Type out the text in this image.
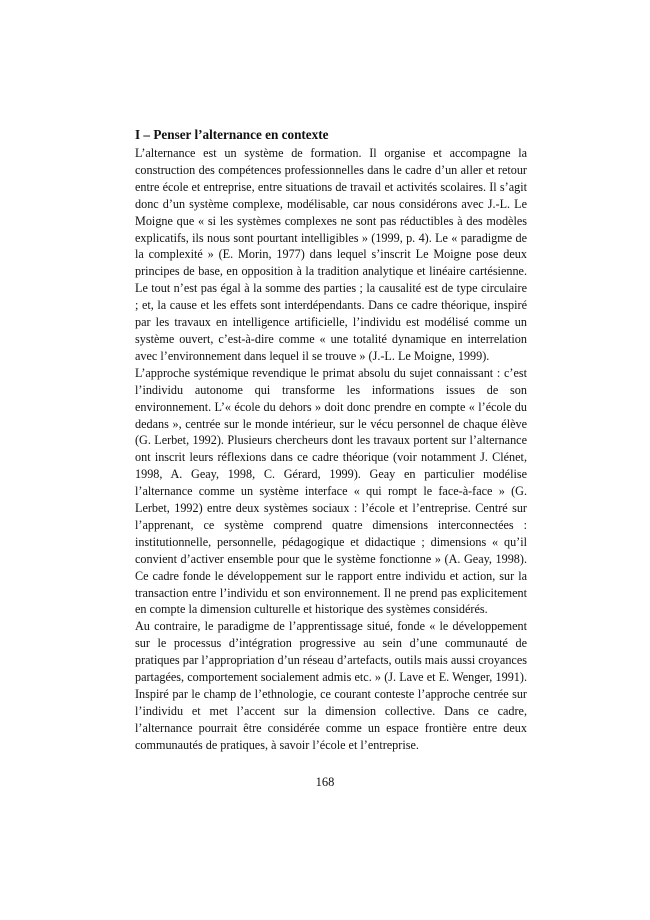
I – Penser l’alternance en contexte

L’alternance est un système de formation. Il organise et accompagne la construction des compétences professionnelles dans le cadre d’un aller et retour entre école et entreprise, entre situations de travail et activités scolaires. Il s’agit donc d’un système complexe, modélisable, car nous considérons avec J.-L. Le Moigne que « si les systèmes complexes ne sont pas réductibles à des modèles explicatifs, ils nous sont pourtant intelligibles » (1999, p. 4). Le « paradigme de la complexité » (E. Morin, 1977) dans lequel s’inscrit Le Moigne pose deux principes de base, en opposition à la tradition analytique et linéaire cartésienne. Le tout n’est pas égal à la somme des parties ; la causalité est de type circulaire ; et, la cause et les effets sont interdépendants. Dans ce cadre théorique, inspiré par les travaux en intelligence artificielle, l’individu est modélisé comme un système ouvert, c’est-à-dire comme « une totalité dynamique en interrelation avec l’environnement dans lequel il se trouve » (J.-L. Le Moigne, 1999).

L’approche systémique revendique le primat absolu du sujet connaissant : c’est l’individu autonome qui transforme les informations issues de son environnement. L’« école du dehors » doit donc prendre en compte « l’école du dedans », centrée sur le monde intérieur, sur le vécu personnel de chaque élève (G. Lerbet, 1992). Plusieurs chercheurs dont les travaux portent sur l’alternance ont inscrit leurs réflexions dans ce cadre théorique (voir notamment J. Clénet, 1998, A. Geay, 1998, C. Gérard, 1999). Geay en particulier modélise l’alternance comme un système interface « qui rompt le face-à-face » (G. Lerbet, 1992) entre deux systèmes sociaux : l’école et l’entreprise. Centré sur l’apprenant, ce système comprend quatre dimensions interconnectées : institutionnelle, personnelle, pédagogique et didactique ; dimensions « qu’il convient d’activer ensemble pour que le système fonctionne » (A. Geay, 1998). Ce cadre fonde le développement sur le rapport entre individu et action, sur la transaction entre l’individu et son environnement. Il ne prend pas explicitement en compte la dimension culturelle et historique des systèmes considérés.

Au contraire, le paradigme de l’apprentissage situé, fonde « le développement sur le processus d’intégration progressive au sein d’une communauté de pratiques par l’appropriation d’un réseau d’artefacts, outils mais aussi croyances partagées, comportement socialement admis etc. » (J. Lave et E. Wenger, 1991). Inspiré par le champ de l’ethnologie, ce courant conteste l’approche centrée sur l’individu et met l’accent sur la dimension collective. Dans ce cadre, l’alternance pourrait être considérée comme un espace frontière entre deux communautés de pratiques, à savoir l’école et l’entreprise.

168
